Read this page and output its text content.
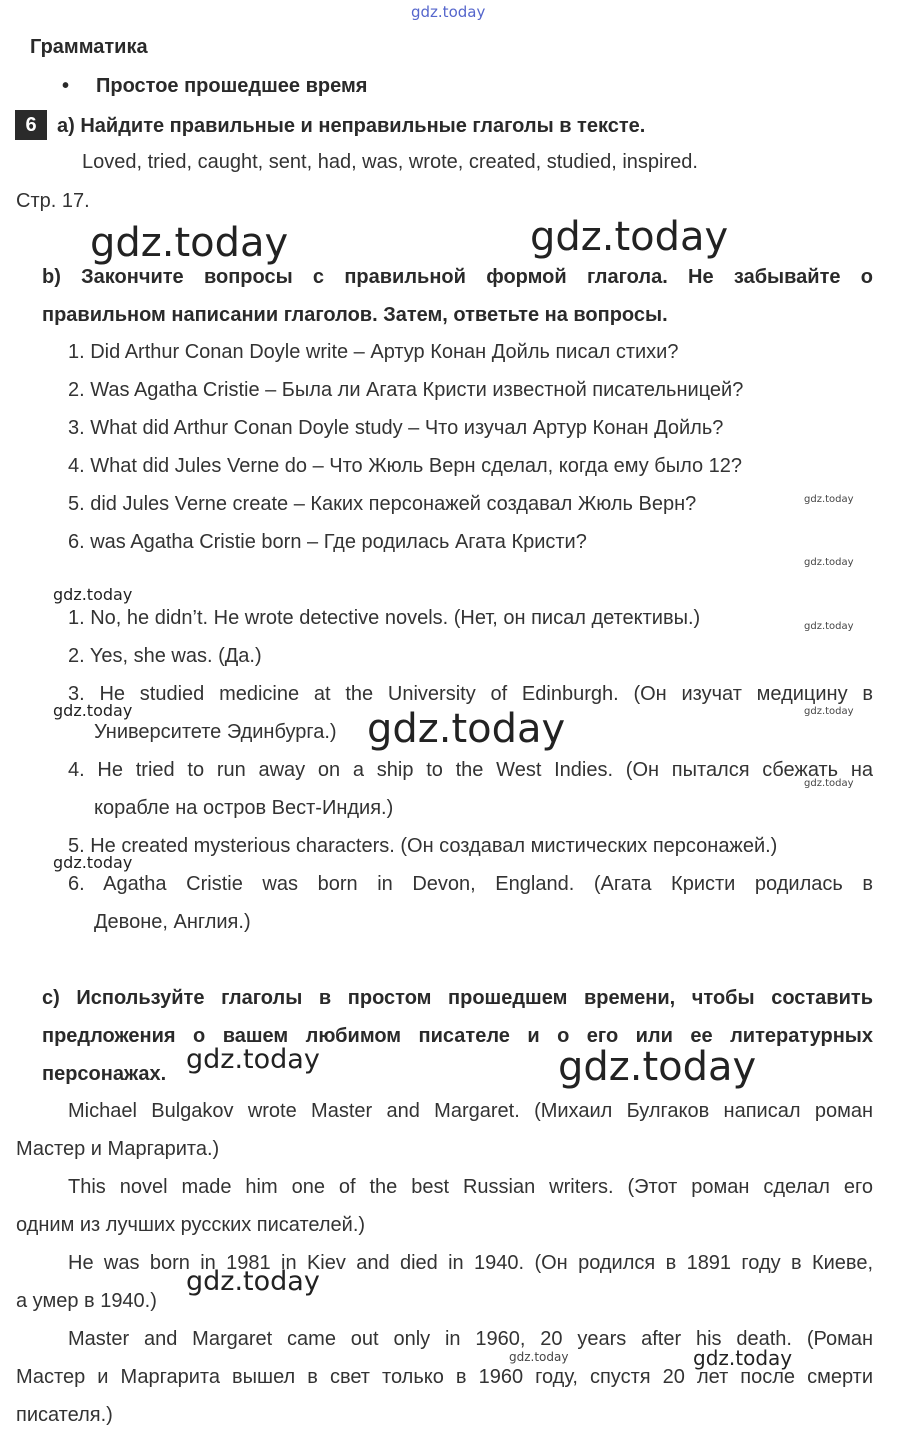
gdz.today
Грамматика
• Простое прошедшее время
6	a) Найдите правильные и неправильные глаголы в тексте.
Loved, tried, caught, sent, had, was, wrote, created, studied, inspired.
Стр. 17.
b) Закончите вопросы с правильной формой глагола. Не забывайте о
правильном написании глаголов. Затем, ответьте на вопросы.
1. Did Arthur Conan Doyle write – Артур Конан Дойль писал стихи?
2. Was Agatha Cristie – Была ли Агата Кристи известной писательницей?
3. What did Arthur Conan Doyle study – Что изучал Артур Конан Дойль?
4. What did Jules Verne do – Что Жюль Верн сделал, когда ему было 12?
5. did Jules Verne create – Каких персонажей создавал Жюль Верн?
6. was Agatha Cristie born – Где родилась Агата Кристи?
1. No, he didn’t. He wrote detective novels. (Нет, он писал детективы.)
2. Yes, she was. (Да.)
3. He studied medicine at the University of Edinburgh. (Он изучат медицину в
Университете Эдинбурга.)
4. He tried to run away on a ship to the West Indies. (Он пытался сбежать на
корабле на остров Вест-Индия.)
5. He created mysterious characters. (Он создавал мистических персонажей.)
6. Agatha Cristie was born in Devon, England. (Агата Кристи родилась в
Девоне, Англия.)
c) Используйте глаголы в простом прошедшем времени, чтобы составить
предложения о вашем любимом писателе и о его или ее литературных
персонажах.
Michael Bulgakov wrote Master and Margaret. (Михаил Булгаков написал роман
Мастер и Маргарита.)
This novel made him one of the best Russian writers. (Этот роман сделал его
одним из лучших русских писателей.)
He was born in 1981 in Kiev and died in 1940. (Он родился в 1891 году в Киеве,
а умер в 1940.)
Master and Margaret came out only in 1960, 20 years after his death. (Роман
Мастер и Маргарита вышел в свет только в 1960 году, спустя 20 лет после смерти
писателя.)
gdz.today	gdz.today
gdz.today
gdz.today
gdz.today
gdz.today
gdz.today
gdz.today
gdz.today
gdz.today
gdz.today
gdz.today
gdz.today
gdz.today
gdz.today
gdz.today
